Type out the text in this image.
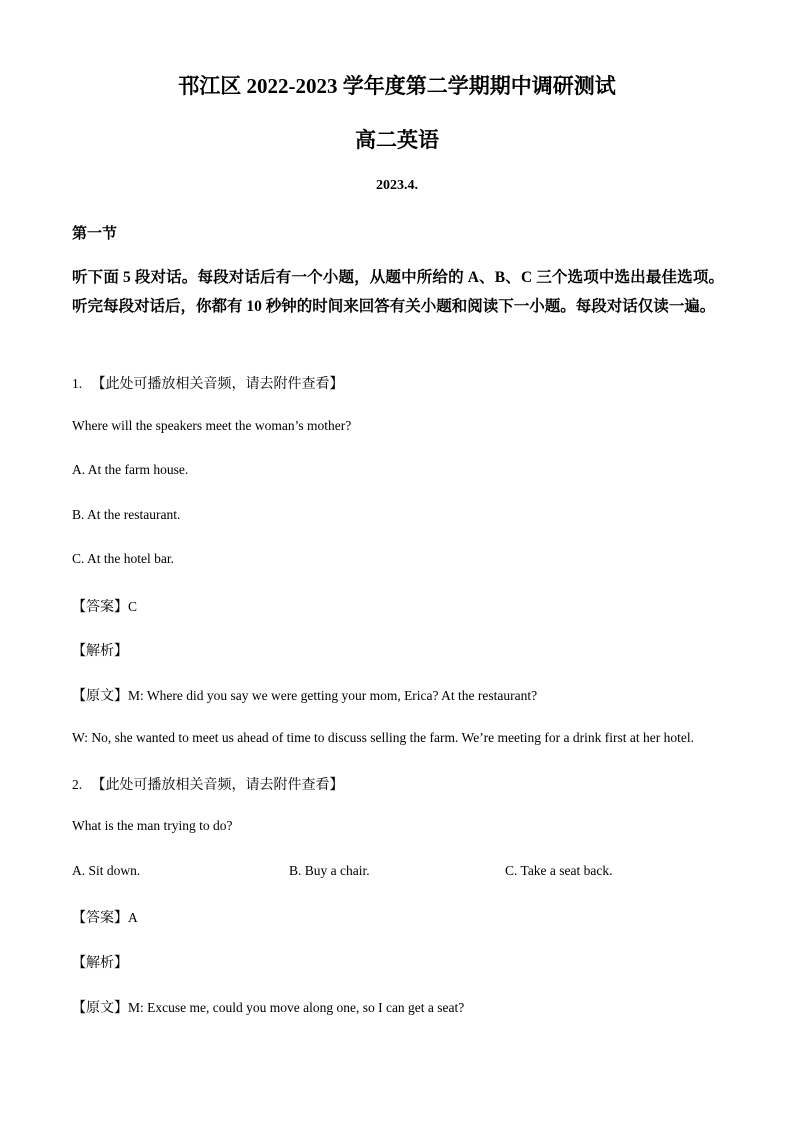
邗江区 2022-2023 学年度第二学期期中调研测试
高二英语
2023.4.
第一节
听下面 5 段对话。每段对话后有一个小题，从题中所给的 A、B、C 三个选项中选出最佳选项。听完每段对话后，你都有 10 秒钟的时间来回答有关小题和阅读下一小题。每段对话仅读一遍。
1. 【此处可播放相关音频，请去附件查看】
Where will the speakers meet the woman’s mother?
A. At the farm house.
B. At the restaurant.
C. At the hotel bar.
【答案】C
【解析】
【原文】M: Where did you say we were getting your mom, Erica? At the restaurant?
W: No, she wanted to meet us ahead of time to discuss selling the farm. We’re meeting for a drink first at her hotel.
2. 【此处可播放相关音频，请去附件查看】
What is the man trying to do?
A. Sit down.	B. Buy a chair.	C. Take a seat back.
【答案】A
【解析】
【原文】M: Excuse me, could you move along one, so I can get a seat?
